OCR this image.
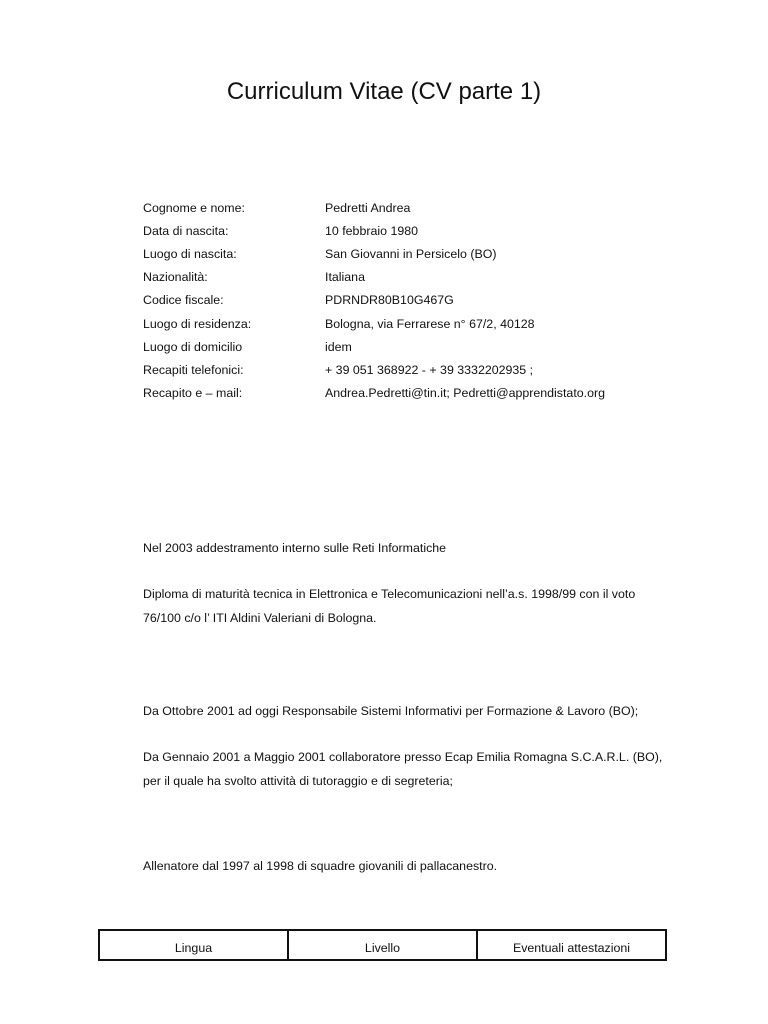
Curriculum Vitae (CV parte 1)
Cognome e nome:	Pedretti Andrea
Data di nascita:	10 febbraio 1980
Luogo di nascita:	San Giovanni in Persicelo (BO)
Nazionalità:	Italiana
Codice fiscale:	PDRNDR80B10G467G
Luogo di residenza:	Bologna, via Ferrarese n° 67/2, 40128
Luogo di domicilio	idem
Recapiti telefonici:	+ 39 051 368922 - + 39 3332202935 ;
Recapito e – mail:	Andrea.Pedretti@tin.it; Pedretti@apprendistato.org

Nel 2003 addestramento interno sulle Reti Informatiche

Diploma di maturità tecnica in Elettronica e Telecomunicazioni nell’a.s. 1998/99 con il voto 76/100 c/o l’ ITI Aldini Valeriani di Bologna.

Da Ottobre 2001 ad oggi Responsabile Sistemi Informativi per Formazione & Lavoro (BO);

Da Gennaio 2001 a Maggio 2001 collaboratore presso Ecap Emilia Romagna S.C.A.R.L. (BO), per il quale ha svolto attività di tutoraggio e di segreteria;

Allenatore dal 1997 al 1998 di squadre giovanili di pallacanestro.

Lingua	Livello	Eventuali attestazioni
